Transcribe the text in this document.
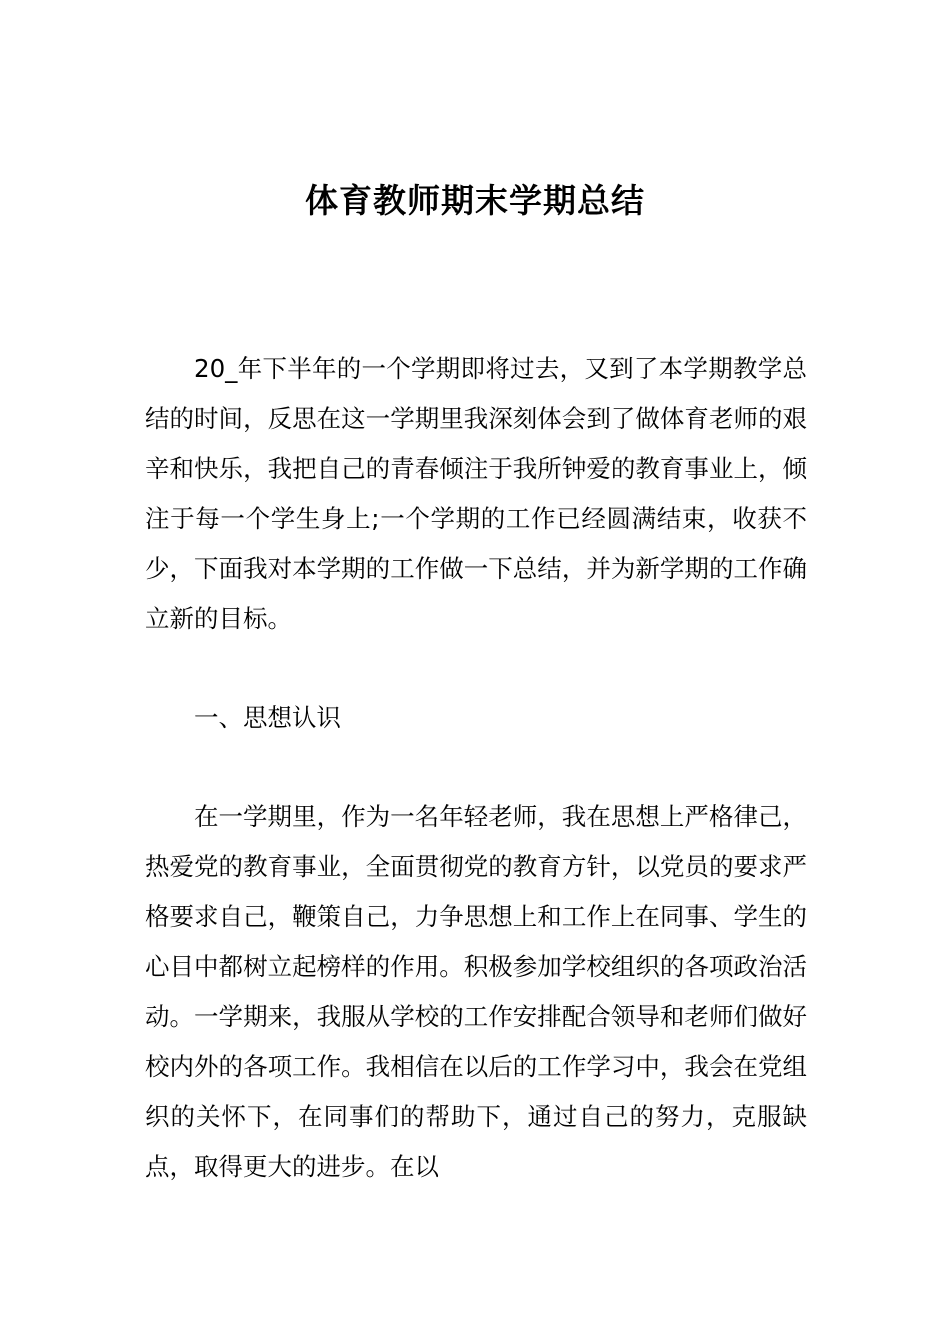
体育教师期末学期总结

20_年下半年的一个学期即将过去，又到了本学期教学总结的时间，反思在这一学期里我深刻体会到了做体育老师的艰辛和快乐，我把自己的青春倾注于我所钟爱的教育事业上，倾注于每一个学生身上;一个学期的工作已经圆满结束，收获不少，下面我对本学期的工作做一下总结，并为新学期的工作确立新的目标。

一、思想认识

在一学期里，作为一名年轻老师，我在思想上严格律己，热爱党的教育事业，全面贯彻党的教育方针，以党员的要求严格要求自己，鞭策自己，力争思想上和工作上在同事、学生的心目中都树立起榜样的作用。积极参加学校组织的各项政治活动。一学期来，我服从学校的工作安排配合领导和老师们做好校内外的各项工作。我相信在以后的工作学习中，我会在党组织的关怀下，在同事们的帮助下，通过自己的努力，克服缺点，取得更大的进步。在以
